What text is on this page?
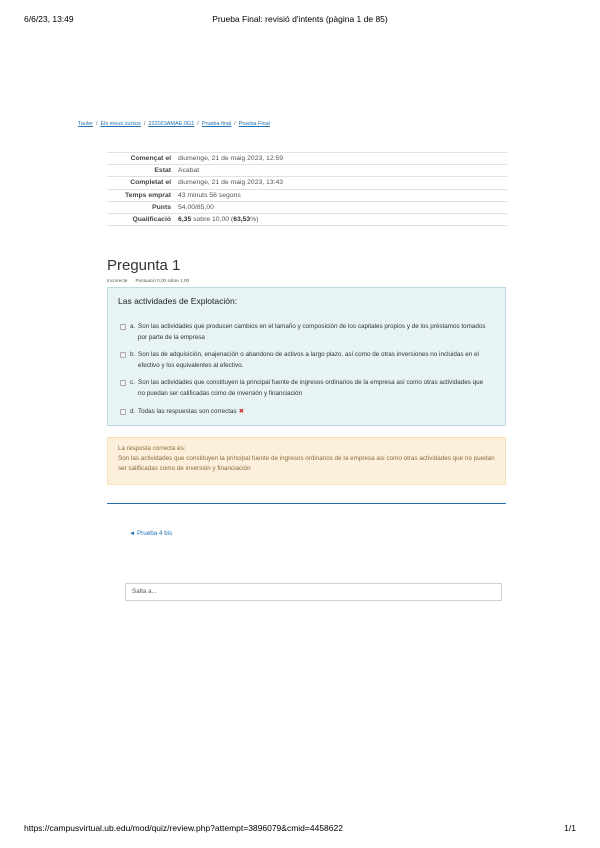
6/6/23, 13:49	Prueba Final: revisió d'intents (pàgina 1 de 85)
Tauler / Els meus cursos / 222023AMAE.0G1 / Prueba final / Prueba Final
Començat el	diumenge, 21 de maig 2023, 12:59
Estat	Acabat
Completat el	diumenge, 21 de maig 2023, 13:43
Temps emprat	43 minuts 56 segons
Punts	54,00/85,00
Qualificació	6,35 sobre 10,00 (63,53%)
Pregunta 1
Incorrecte Puntuació 0,00 sobre 1,00
Las actividades de Explotación:
a. Son las actividades que producen cambios en el tamaño y composición de los capitales propios y de los préstamos tomados por parte de la empresa
b. Son las de adquisición, enajenación o abandono de activos a largo plazo, así como de otras inversiones no incluidas en el efectivo y los equivalentes al efectivo.
c. Son las actividades que constituyen la principal fuente de ingresos ordinarios de la empresa así como otras actividades que no puedan ser calificadas como de inversión y financiación
d. Todas las respuestas son correctas ✖
La resposta correcta és:
Son las actividades que constituyen la principal fuente de ingresos ordinarios de la empresa así como otras actividades que no puedan ser calificadas como de inversión y financiación
◄ Prueba 4 bis
Salta a...
https://campusvirtual.ub.edu/mod/quiz/review.php?attempt=3896079&cmid=4458622	1/1
